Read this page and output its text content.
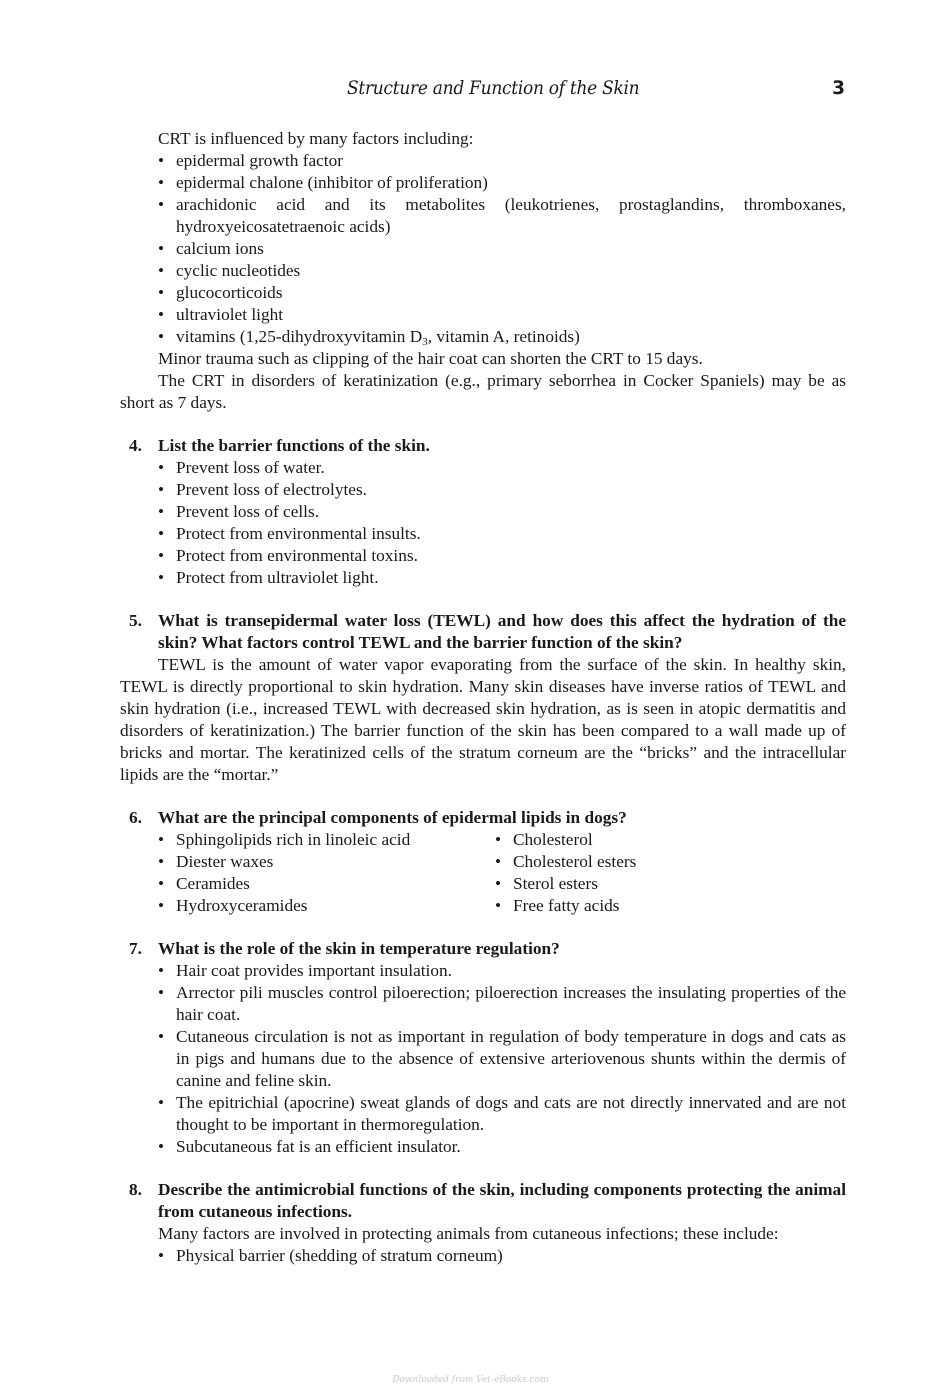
Structure and Function of the Skin	3

CRT is influenced by many factors including:

• epidermal growth factor
• epidermal chalone (inhibitor of proliferation)
• arachidonic acid and its metabolites (leukotrienes, prostaglandins, thromboxanes, hydroxyeicosatetraenoic acids)
• calcium ions
• cyclic nucleotides
• glucocorticoids
• ultraviolet light
• vitamins (1,25-dihydroxyvitamin $D_3$, vitamin A, retinoids)

Minor trauma such as clipping of the hair coat can shorten the CRT to 15 days.

The CRT in disorders of keratinization (e.g., primary seborrhea in Cocker Spaniels) may be as short as 7 days.

4. List the barrier functions of the skin.
• Prevent loss of water.
• Prevent loss of electrolytes.
• Prevent loss of cells.
• Protect from environmental insults.
• Protect from environmental toxins.
• Protect from ultraviolet light.
5. What is transepidermal water loss (TEWL) and how does this affect the hydration of the skin? What factors control TEWL and the barrier function of the skin?

TEWL is the amount of water vapor evaporating from the surface of the skin. In healthy skin, TEWL is directly proportional to skin hydration. Many skin diseases have inverse ratios of TEWL and skin hydration (i.e., increased TEWL with decreased skin hydration, as is seen in atopic dermatitis and disorders of keratinization.) The barrier function of the skin has been compared to a wall made up of bricks and mortar. The keratinized cells of the stratum corneum are the “bricks” and the intracellular lipids are the “mortar.”

6. What are the principal components of epidermal lipids in dogs?
• Sphingolipids rich in linoleic acid
• Diester waxes
• Ceramides
• Hydroxyceramides
• Cholesterol
• Cholesterol esters
• Sterol esters
• Free fatty acids
7. What is the role of the skin in temperature regulation?
• Hair coat provides important insulation.
• Arrector pili muscles control piloerection; piloerection increases the insulating properties of the hair coat.
• Cutaneous circulation is not as important in regulation of body temperature in dogs and cats as in pigs and humans due to the absence of extensive arteriovenous shunts within the dermis of canine and feline skin.
• The epitrichial (apocrine) sweat glands of dogs and cats are not directly innervated and are not thought to be important in thermoregulation.
• Subcutaneous fat is an efficient insulator.
8. Describe the antimicrobial functions of the skin, including components protecting the animal from cutaneous infections.

Many factors are involved in protecting animals from cutaneous infections; these include:

• Physical barrier (shedding of stratum corneum)
Downloaded from Vet-eBooks.com
